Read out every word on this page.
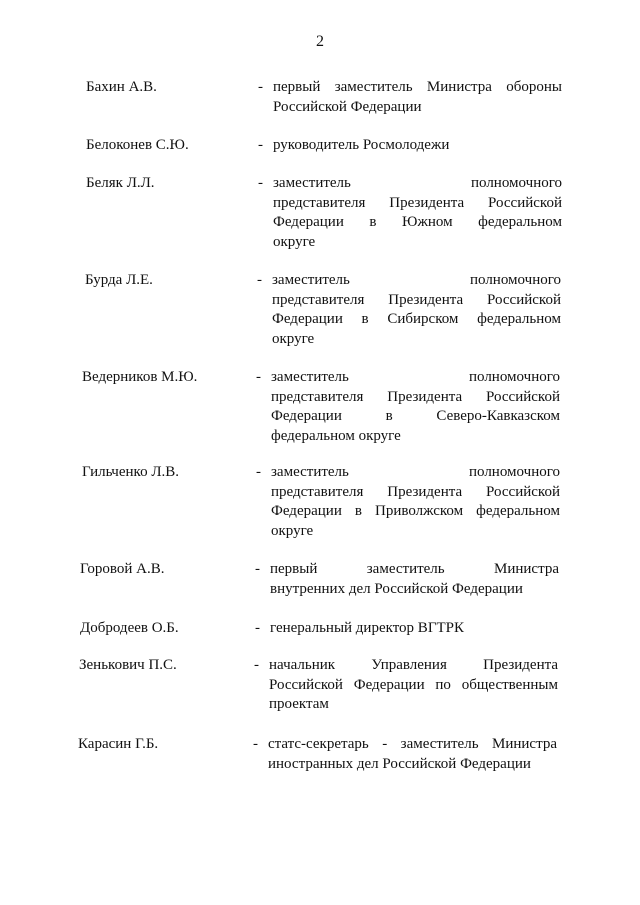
2
Бахин А.В.	- первый заместитель Министра обороны
Российской Федерации
Белоконев С.Ю.	- руководитель Росмолодежи
Беляк Л.Л.	- заместитель	полномочного
представителя Президента Российской
Федерации в Южном федеральном
округе
Бурда Л.Е.	- заместитель	полномочного
представителя Президента Российской
Федерации в Сибирском федеральном
округе
Ведерников М.Ю.	- заместитель	полномочного
представителя Президента Российской
Федерации	в	Северо-Кавказском
федеральном округе
Гильченко Л.В.	- заместитель	полномочного
представителя Президента Российской
Федерации в Приволжском федеральном
округе
Горовой А.В.	- первый	заместитель	Министра
внутренних дел Российской Федерации
Добродеев О.Б.	- генеральный директор ВГТРК
Зенькович П.С.	- начальник Управления Президента
Российской Федерации по общественным
проектам
Карасин Г.Б.	- статс-секретарь - заместитель Министра
иностранных дел Российской Федерации
